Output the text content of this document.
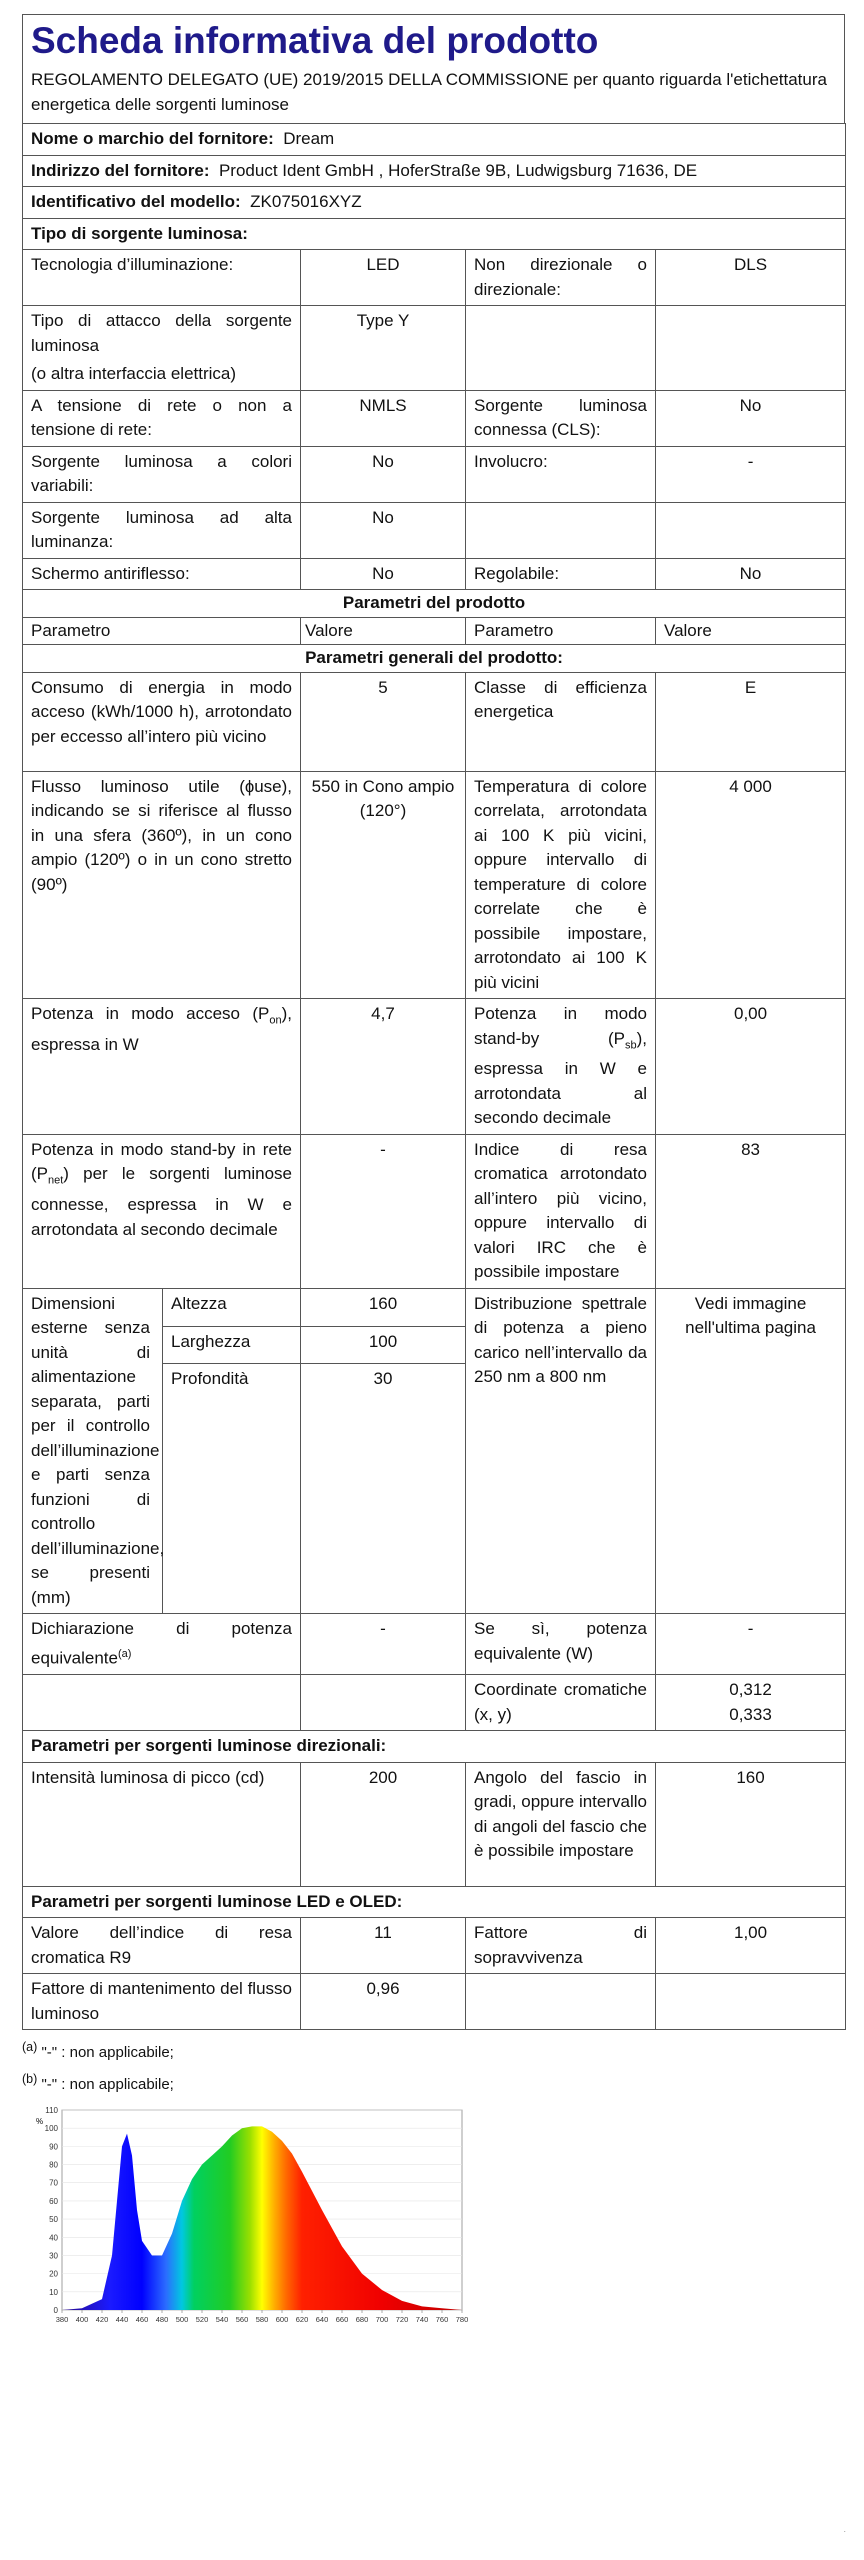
Scheda informativa del prodotto
REGOLAMENTO DELEGATO (UE) 2019/2015 DELLA COMMISSIONE per quanto riguarda l'etichettatura energetica delle sorgenti luminose
Nome o marchio del fornitore: Dream				
Indirizzo del fornitore: Product Ident GmbH , HoferStraße 9B, Ludwigsburg 71636, DE				
Identificativo del modello: ZK075016XYZ				
Tipo di sorgente luminosa:				
Tecnologia d’illuminazione:		LED	Non direzionale o direzionale:	DLS

Tipo di attacco della sorgente luminosa
(o altra interfaccia elettrica)		Type Y		
A tensione di rete o non a tensione di rete:		NMLS	Sorgente luminosa connessa (CLS):	No
Sorgente luminosa a colori variabili:		No	Involucro:	-
Sorgente luminosa ad alta luminanza:		No		
Schermo antiriflesso:		No	Regolabile:	No
Parametri del prodotto				
Parametro		Valore	Parametro	Valore
Parametri generali del prodotto:				
Consumo di energia in modo acceso (kWh/1000 h), arrotondato per eccesso all’intero più vicino		5	Classe di efficienza energetica	E
Flusso luminoso utile (ɸuse), indicando se si riferisce al flusso in una sfera (360º), in un cono ampio (120º) o in un cono stretto (90º)		550 in Cono ampio (120°)	Temperatura di colore correlata, arrotondata ai 100 K più vicini, oppure intervallo di temperature di colore correlate che è possibile impostare, arrotondato ai 100 K più vicini	4 000
Potenza in modo acceso $(P_{on})$, espressa in W		4,7	Potenza in modo stand-by $(P_{sb})$, espressa in W e arrotondata al secondo decimale	0,00
Potenza in modo stand-by in rete $(P_{net})$ per le sorgenti luminose connesse, espressa in W e arrotondata al secondo decimale		-	Indice di resa cromatica arrotondato all’intero più vicino, oppure intervallo di valori IRC che è possibile impostare	83
Dimensioni esterne senza unità di alimentazione separata, parti per il controllo dell’illuminazione e parti senza funzioni di controllo dell’illuminazione, se presenti (mm)	Altezza	160	Distribuzione spettrale di potenza a pieno carico nell’intervallo da 250 nm a 800 nm	Vedi immagine nell'ultima pagina
	Larghezza	100		
	Profondità	30		
Dichiarazione di potenza equivalente$^{(a)}$		-	Se sì, potenza equivalente (W)	-
			Coordinate cromatiche (x, y)	0,312
0,333

Parametri per sorgenti luminose direzionali:				
Intensità luminosa di picco (cd)		200	Angolo del fascio in gradi, oppure intervallo di angoli del fascio che è possibile impostare	160
Parametri per sorgenti luminose LED e OLED:				
Valore dell’indice di resa cromatica R9		11	Fattore di sopravvivenza	1,00
Fattore di mantenimento del flusso luminoso		0,96		
$^{(a)}$ "-" : non applicabile;
$^{(b)}$ "-" : non applicabile;
0
10
20
30
40
50
60
70
80
90
100
110
380 400 420 440 460 480 500 520 540 560 580 600 620 640 660 680 700 720 740 760 780
%
.
